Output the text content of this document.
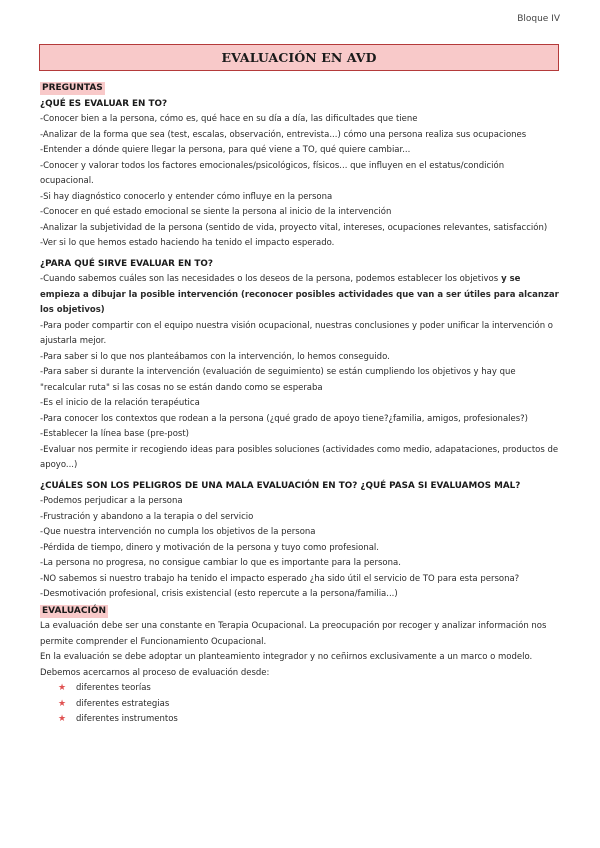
Bloque IV
EVALUACIÓN EN AVD
PREGUNTAS

¿QUÉ ES EVALUAR EN TO?

-Conocer bien a la persona, cómo es, qué hace en su día a día, las dificultades que tiene

-Analizar de la forma que sea (test, escalas, observación, entrevista...) cómo una persona realiza sus ocupaciones

-Entender a dónde quiere llegar la persona, para qué viene a TO, qué quiere cambiar...

-Conocer y valorar todos los factores emocionales/psicológicos, físicos... que influyen en el estatus/condición ocupacional.

-Si hay diagnóstico conocerlo y entender cómo influye en la persona

-Conocer en qué estado emocional se siente la persona al inicio de la intervención

-Analizar la subjetividad de la persona (sentido de vida, proyecto vital, intereses, ocupaciones relevantes, satisfacción)

-Ver si lo que hemos estado haciendo ha tenido el impacto esperado.

¿PARA QUÉ SIRVE EVALUAR EN TO?

-Cuando sabemos cuáles son las necesidades o los deseos de la persona, podemos establecer los objetivos y se empieza a dibujar la posible intervención (reconocer posibles actividades que van a ser útiles para alcanzar los objetivos)

-Para poder compartir con el equipo nuestra visión ocupacional, nuestras conclusiones y poder unificar la intervención o ajustarla mejor.

-Para saber si lo que nos planteábamos con la intervención, lo hemos conseguido.

-Para saber si durante la intervención (evaluación de seguimiento) se están cumpliendo los objetivos y hay que "recalcular ruta" si las cosas no se están dando como se esperaba

-Es el inicio de la relación terapéutica

-Para conocer los contextos que rodean a la persona (¿qué grado de apoyo tiene?¿familia, amigos, profesionales?)

-Establecer la línea base (pre-post)

-Evaluar nos permite ir recogiendo ideas para posibles soluciones (actividades como medio, adapataciones, productos de apoyo...)

¿CUÁLES SON LOS PELIGROS DE UNA MALA EVALUACIÓN EN TO? ¿QUÉ PASA SI EVALUAMOS MAL?

-Podemos perjudicar a la persona

-Frustración y abandono a la terapia o del servicio

-Que nuestra intervención no cumpla los objetivos de la persona

-Pérdida de tiempo, dinero y motivación de la persona y tuyo como profesional.

-La persona no progresa, no consigue cambiar lo que es importante para la persona.

-NO sabemos si nuestro trabajo ha tenido el impacto esperado ¿ha sido útil el servicio de TO para esta persona?

-Desmotivación profesional, crisis existencial (esto repercute a la persona/familia...)

EVALUACIÓN

La evaluación debe ser una constante en Terapia Ocupacional. La preocupación por recoger y analizar información nos permite comprender el Funcionamiento Ocupacional.

En la evaluación se debe adoptar un planteamiento integrador y no ceñirnos exclusivamente a un marco o modelo.

Debemos acercarnos al proceso de evaluación desde:

★ diferentes teorías
★ diferentes estrategias
★ diferentes instrumentos
